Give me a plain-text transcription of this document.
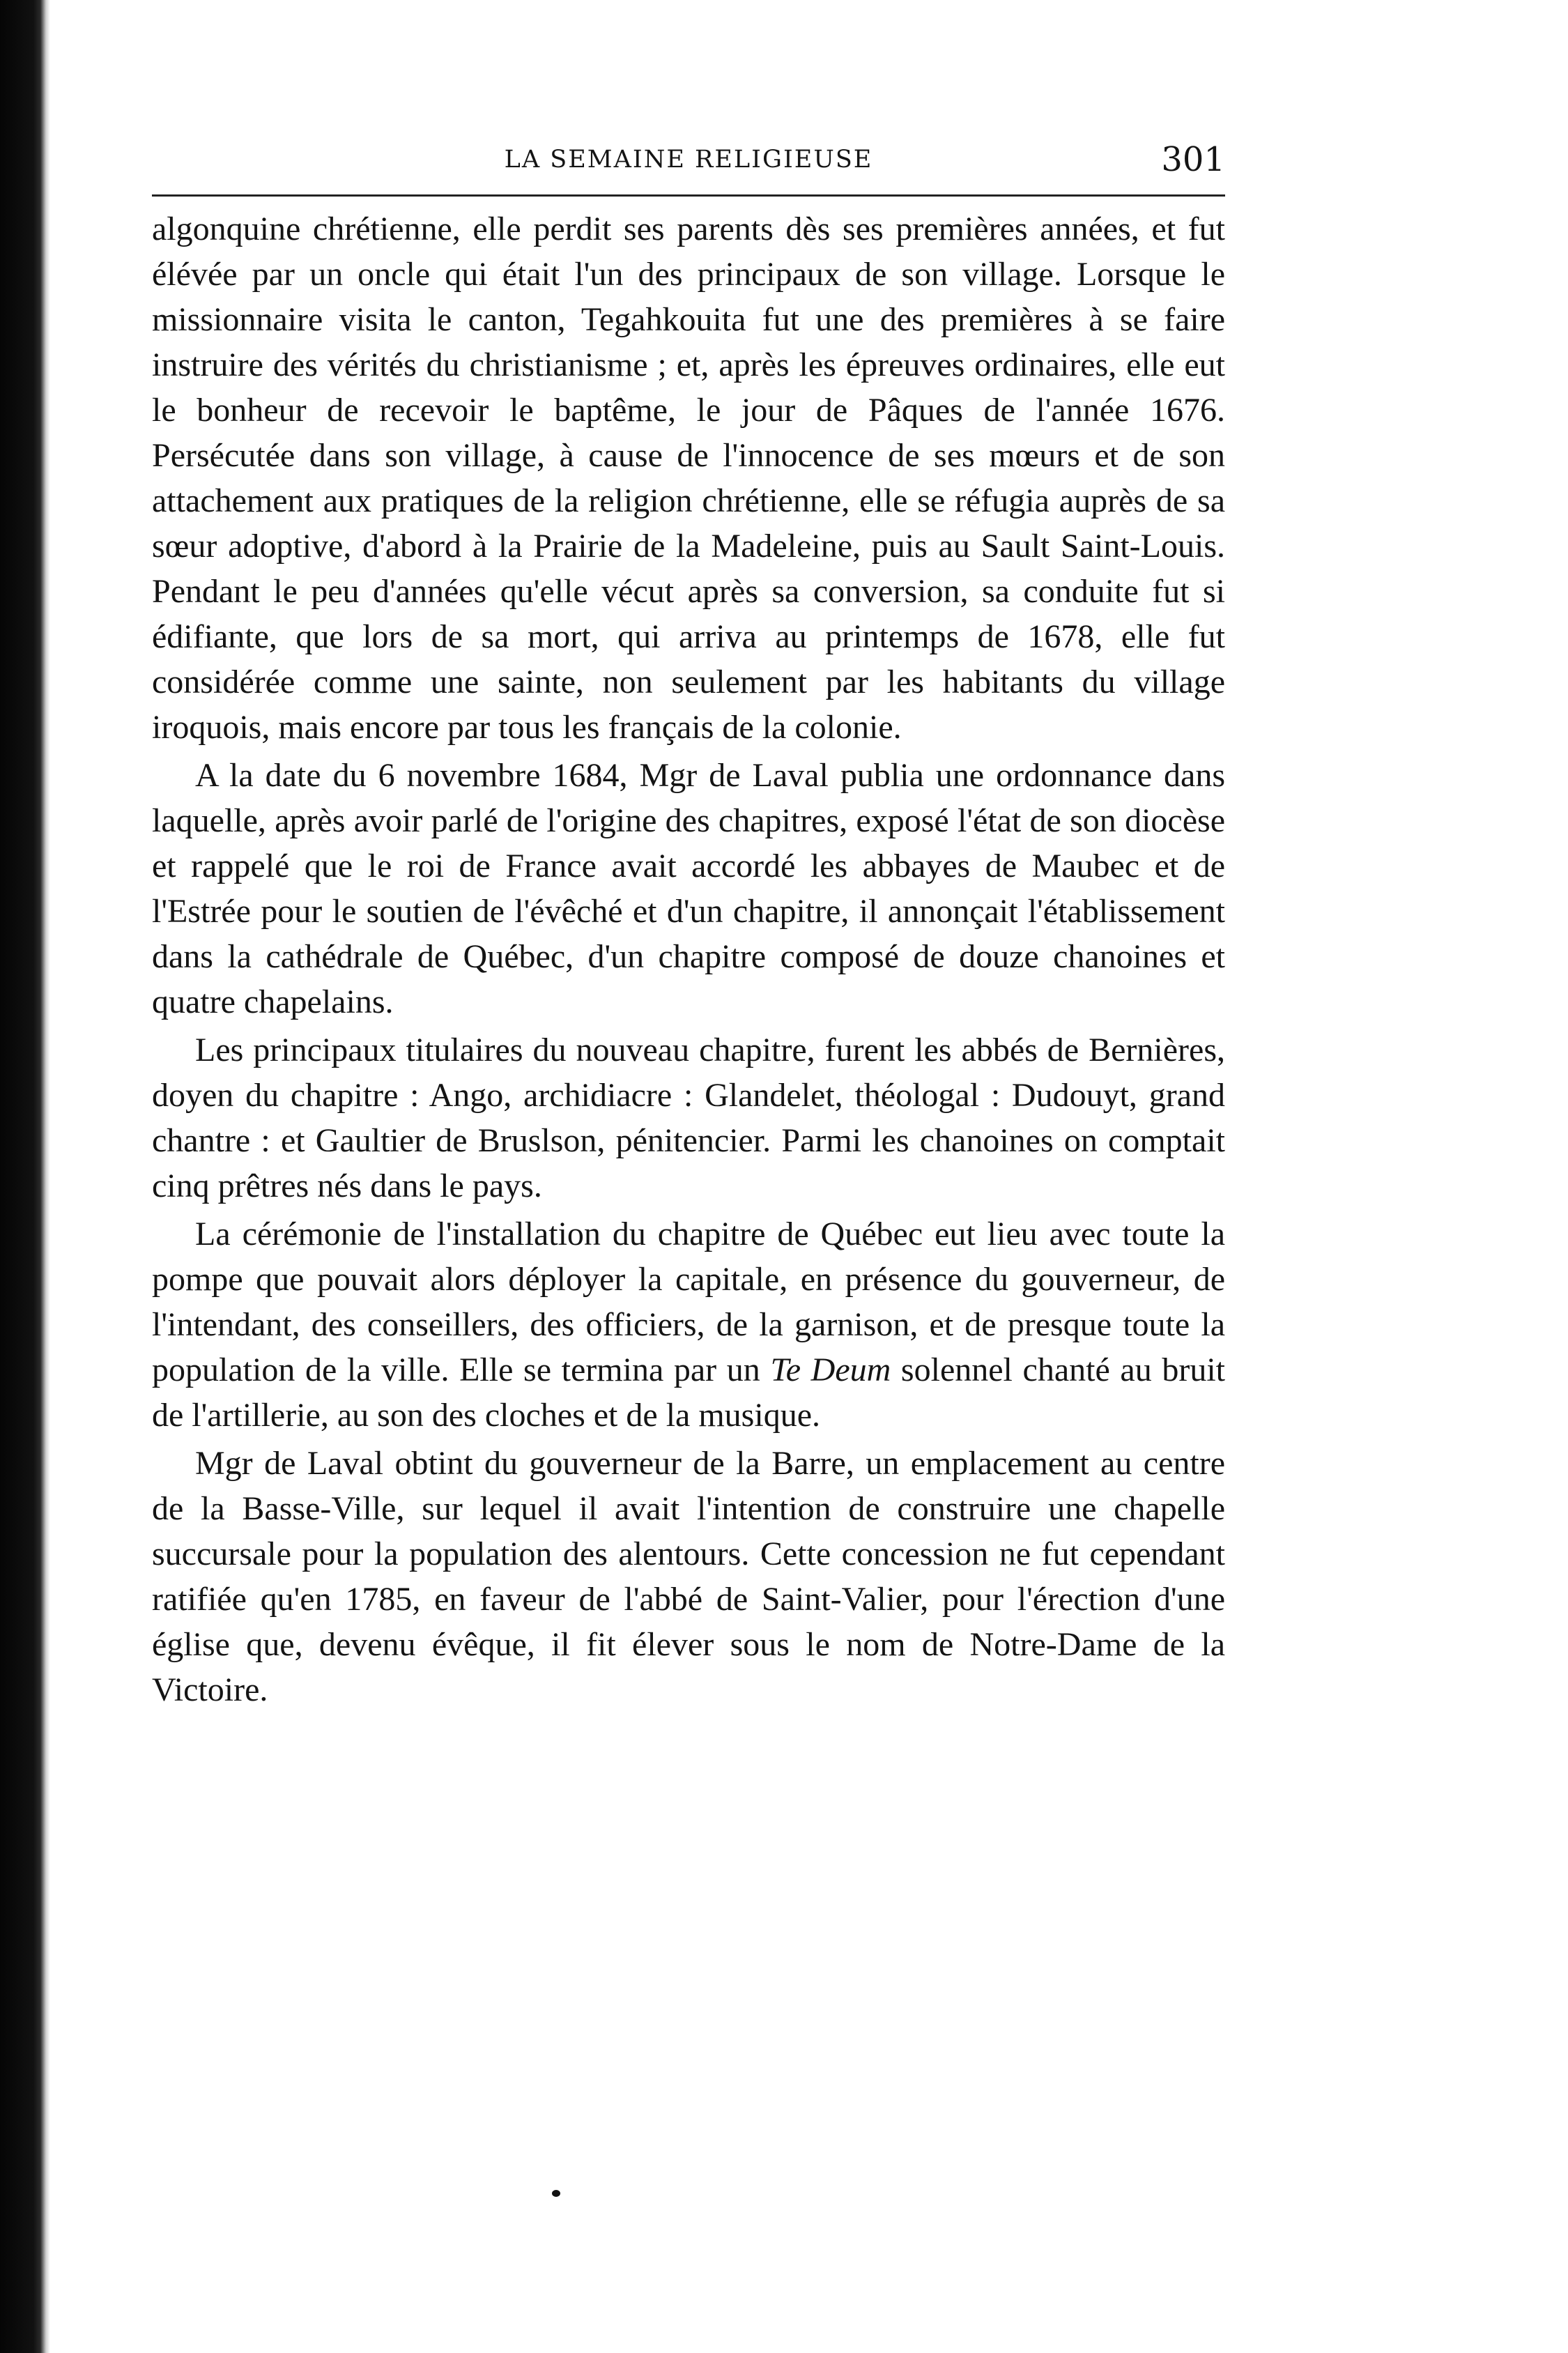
LA SEMAINE RELIGIEUSE	301

algonquine chrétienne, elle perdit ses parents dès ses premières années, et fut élévée par un oncle qui était l'un des principaux de son village. Lorsque le missionnaire visita le canton, Tegahkouita fut une des premières à se faire instruire des vérités du christianisme ; et, après les épreuves ordinaires, elle eut le bonheur de recevoir le baptême, le jour de Pâques de l'année 1676. Persécutée dans son village, à cause de l'innocence de ses mœurs et de son attachement aux pratiques de la religion chrétienne, elle se réfugia auprès de sa sœur adoptive, d'abord à la Prairie de la Madeleine, puis au Sault Saint-Louis. Pendant le peu d'années qu'elle vécut après sa conversion, sa conduite fut si édifiante, que lors de sa mort, qui arriva au printemps de 1678, elle fut considérée comme une sainte, non seulement par les habitants du village iroquois, mais encore par tous les français de la colonie.

A la date du 6 novembre 1684, Mgr de Laval publia une ordonnance dans laquelle, après avoir parlé de l'origine des chapitres, exposé l'état de son diocèse et rappelé que le roi de France avait accordé les abbayes de Maubec et de l'Estrée pour le soutien de l'évêché et d'un chapitre, il annonçait l'établissement dans la cathédrale de Québec, d'un chapitre composé de douze chanoines et quatre chapelains.

Les principaux titulaires du nouveau chapitre, furent les abbés de Bernières, doyen du chapitre : Ango, archidiacre : Glandelet, théologal : Dudouyt, grand chantre : et Gaultier de Bruslson, pénitencier. Parmi les chanoines on comptait cinq prêtres nés dans le pays.

La cérémonie de l'installation du chapitre de Québec eut lieu avec toute la pompe que pouvait alors déployer la capitale, en présence du gouverneur, de l'intendant, des conseillers, des officiers, de la garnison, et de presque toute la population de la ville. Elle se termina par un Te Deum solennel chanté au bruit de l'artillerie, au son des cloches et de la musique.

Mgr de Laval obtint du gouverneur de la Barre, un emplacement au centre de la Basse-Ville, sur lequel il avait l'intention de construire une chapelle succursale pour la population des alentours. Cette concession ne fut cependant ratifiée qu'en 1785, en faveur de l'abbé de Saint-Valier, pour l'érection d'une église que, devenu évêque, il fit élever sous le nom de Notre-Dame de la Victoire.
